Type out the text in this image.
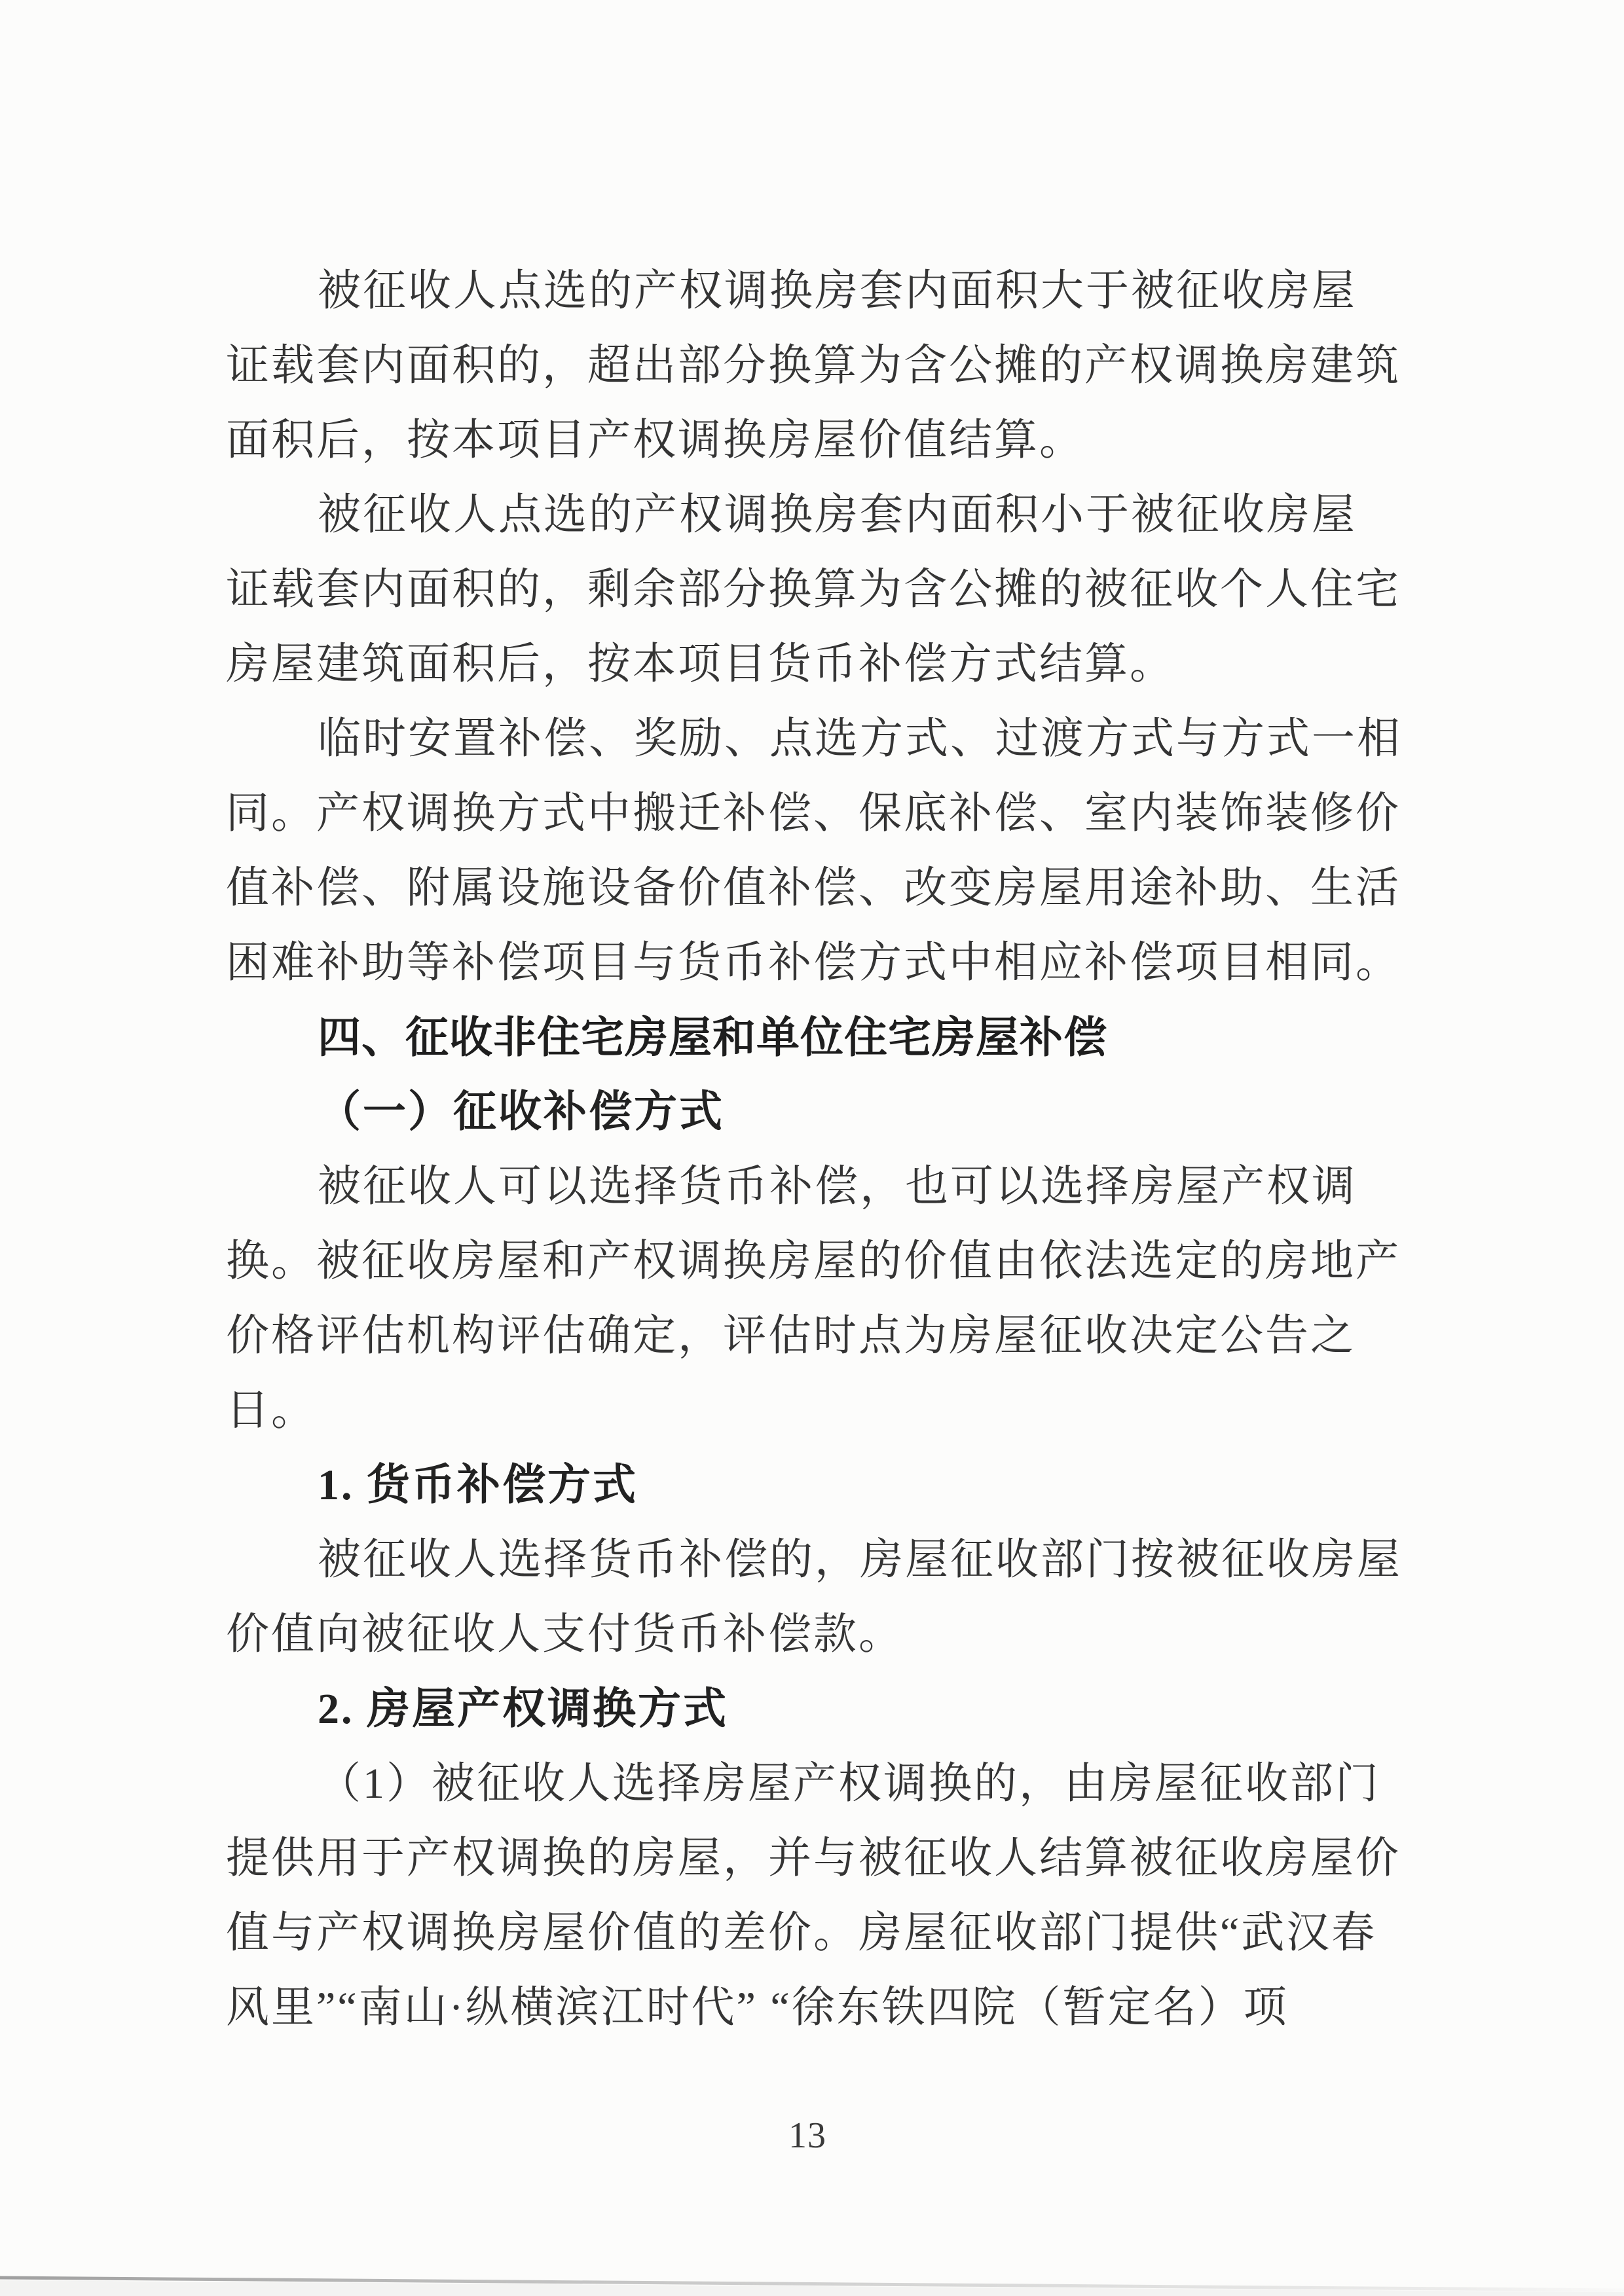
被征收人点选的产权调换房套内面积大于被征收房屋
证载套内面积的，超出部分换算为含公摊的产权调换房建筑
面积后，按本项目产权调换房屋价值结算。
被征收人点选的产权调换房套内面积小于被征收房屋
证载套内面积的，剩余部分换算为含公摊的被征收个人住宅
房屋建筑面积后，按本项目货币补偿方式结算。
临时安置补偿、奖励、点选方式、过渡方式与方式一相
同。产权调换方式中搬迁补偿、保底补偿、室内装饰装修价
值补偿、附属设施设备价值补偿、改变房屋用途补助、生活
困难补助等补偿项目与货币补偿方式中相应补偿项目相同。
四、征收非住宅房屋和单位住宅房屋补偿
（一）征收补偿方式
被征收人可以选择货币补偿，也可以选择房屋产权调
换。被征收房屋和产权调换房屋的价值由依法选定的房地产
价格评估机构评估确定，评估时点为房屋征收决定公告之
日。
1. 货币补偿方式
被征收人选择货币补偿的，房屋征收部门按被征收房屋
价值向被征收人支付货币补偿款。
2. 房屋产权调换方式
（1）被征收人选择房屋产权调换的，由房屋征收部门
提供用于产权调换的房屋，并与被征收人结算被征收房屋价
值与产权调换房屋价值的差价。房屋征收部门提供“武汉春
风里”“南山·纵横滨江时代” “徐东铁四院（暂定名）项
13
